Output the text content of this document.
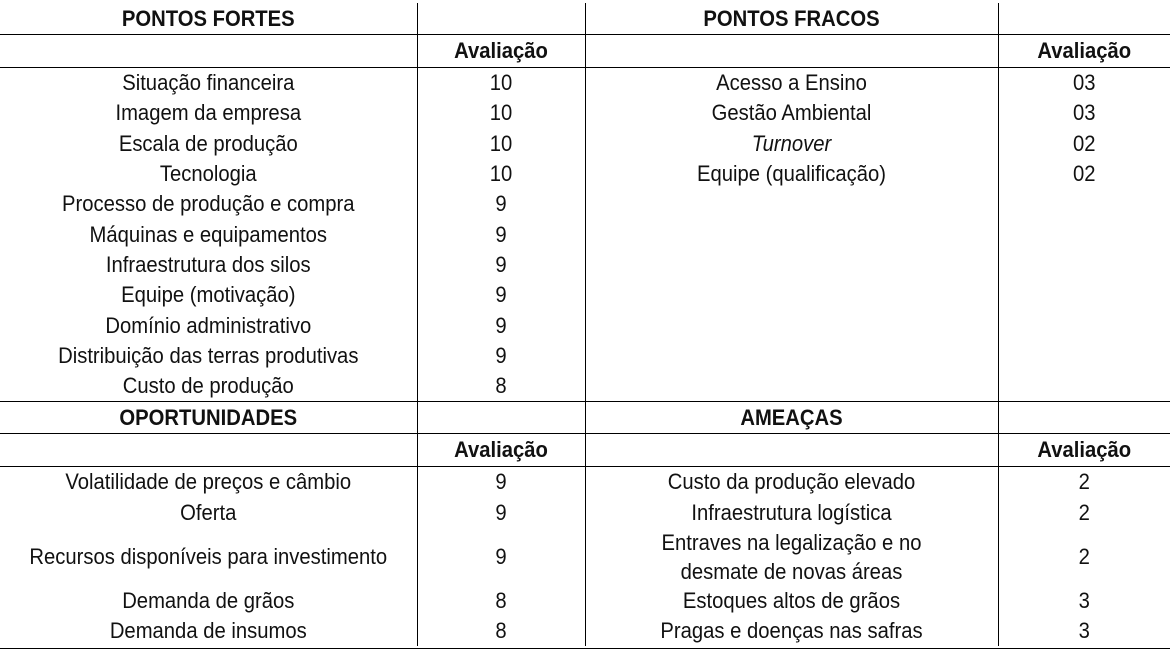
PONTOS FORTES		PONTOS FRACOS	
	Avaliação		Avaliação
Situação financeira	10	Acesso a Ensino	03
Imagem da empresa	10	Gestão Ambiental	03
Escala de produção	10	Turnover	02
Tecnologia	10	Equipe (qualificação)	02
Processo de produção e compra	9		
Máquinas e equipamentos	9		
Infraestrutura dos silos	9		
Equipe (motivação)	9		
Domínio administrativo	9		
Distribuição das terras produtivas	9		
Custo de produção	8		
OPORTUNIDADES		AMEAÇAS	
	Avaliação		Avaliação
Volatilidade de preços e câmbio	9	Custo da produção elevado	2
Oferta	9	Infraestrutura logística	2
Recursos disponíveis para investimento	9	Entraves na legalização e no desmate de novas áreas	2
Demanda de grãos	8	Estoques altos de grãos	3
Demanda de insumos	8	Pragas e doenças nas safras	3
